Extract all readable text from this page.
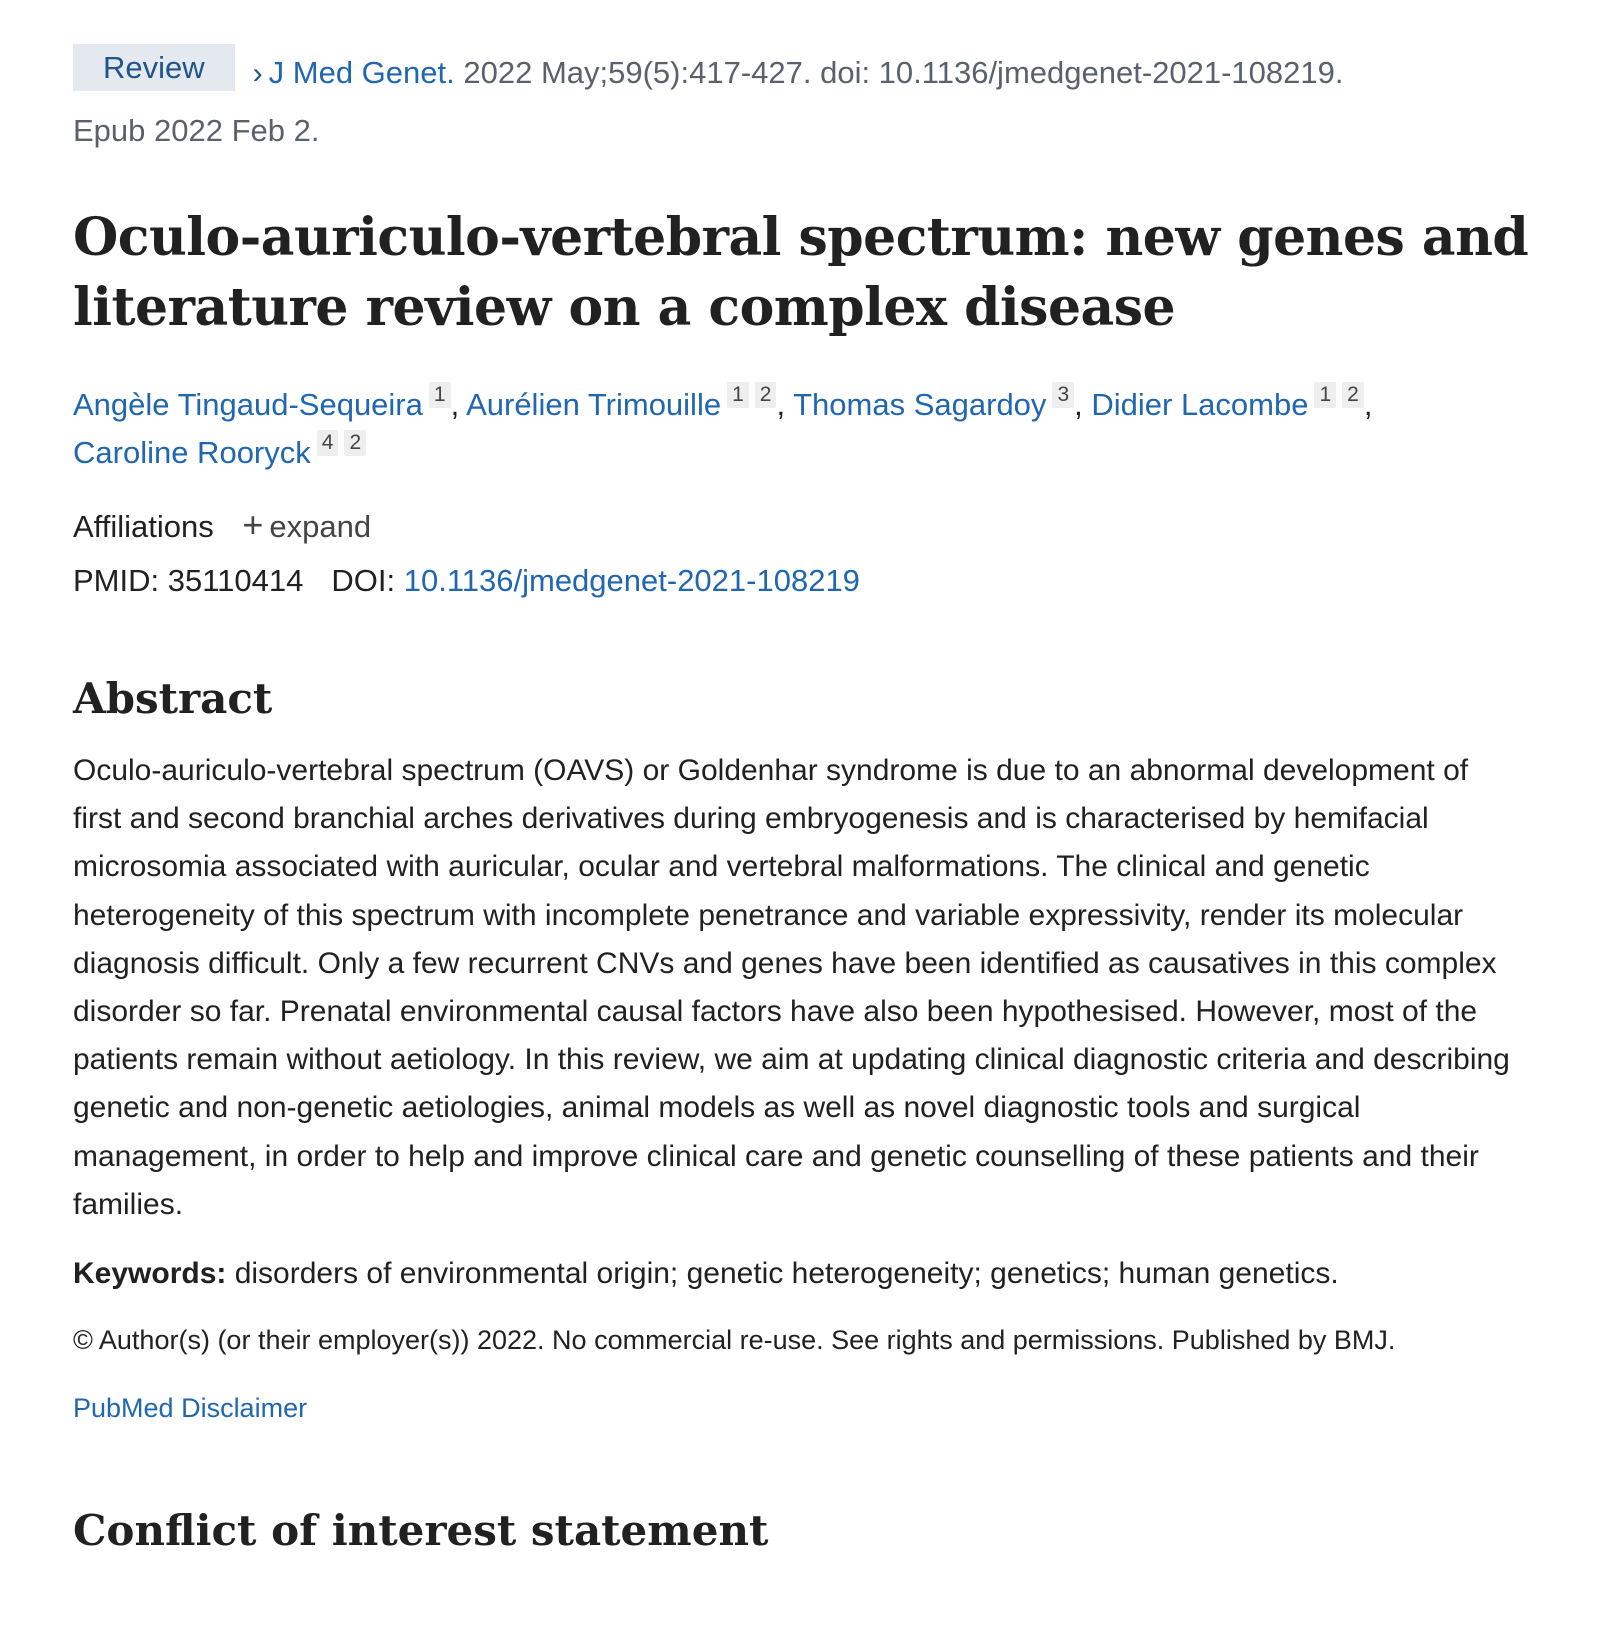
Review › J Med Genet. 2022 May;59(5):417-427. doi: 10.1136/jmedgenet-2021-108219.
Epub 2022 Feb 2.
Oculo-auriculo-vertebral spectrum: new genes and literature review on a complex disease
Angèle Tingaud-Sequeira 1 , Aurélien Trimouille 1 2 , Thomas Sagardoy 3 , Didier Lacombe 1 2 ,
Caroline Rooryck 4 2
Affiliations + expand
PMID: 35110414 DOI: 10.1136/jmedgenet-2021-108219
Abstract
Oculo-auriculo-vertebral spectrum (OAVS) or Goldenhar syndrome is due to an abnormal development of first and second branchial arches derivatives during embryogenesis and is characterised by hemifacial microsomia associated with auricular, ocular and vertebral malformations. The clinical and genetic heterogeneity of this spectrum with incomplete penetrance and variable expressivity, render its molecular diagnosis difficult. Only a few recurrent CNVs and genes have been identified as causatives in this complex disorder so far. Prenatal environmental causal factors have also been hypothesised. However, most of the patients remain without aetiology. In this review, we aim at updating clinical diagnostic criteria and describing genetic and non-genetic aetiologies, animal models as well as novel diagnostic tools and surgical management, in order to help and improve clinical care and genetic counselling of these patients and their families.
Keywords: disorders of environmental origin; genetic heterogeneity; genetics; human genetics.
© Author(s) (or their employer(s)) 2022. No commercial re-use. See rights and permissions. Published by BMJ.
PubMed Disclaimer
Conflict of interest statement
